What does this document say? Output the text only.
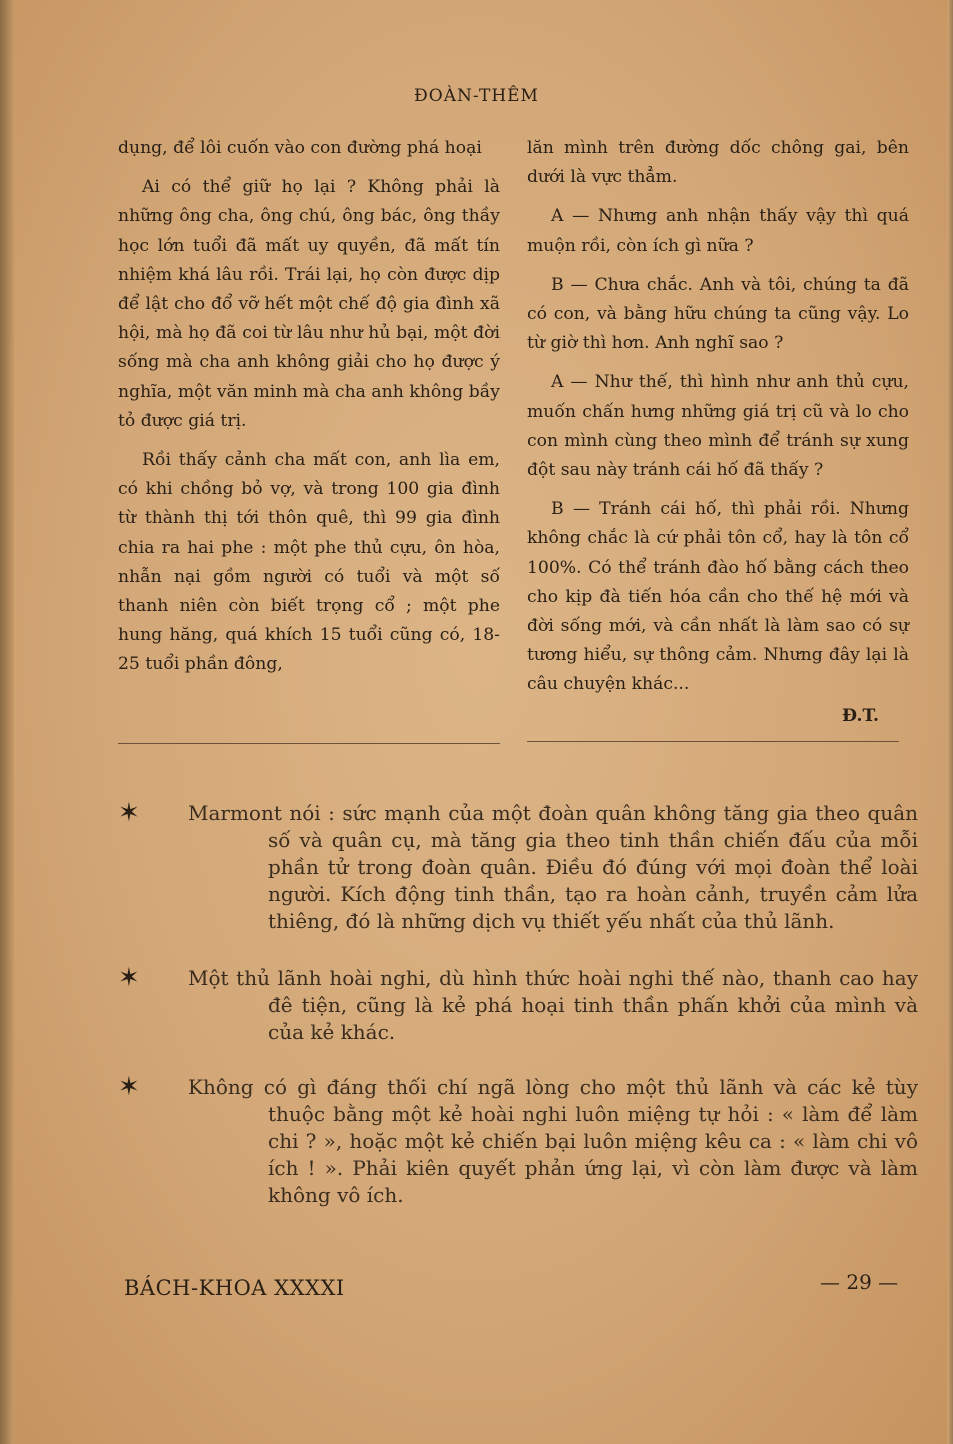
ĐOÀN-THÊM

dụng, để lôi cuốn vào con đường phá hoại

Ai có thể giữ họ lại ? Không phải là những ông cha, ông chú, ông bác, ông thầy học lớn tuổi đã mất uy quyền, đã mất tín nhiệm khá lâu rồi. Trái lại, họ còn được dịp để lật cho đổ vỡ hết một chế độ gia đình xã hội, mà họ đã coi từ lâu như hủ bại, một đời sống mà cha anh không giải cho họ được ý nghĩa, một văn minh mà cha anh không bầy tỏ được giá trị.

Rồi thấy cảnh cha mất con, anh lìa em, có khi chồng bỏ vợ, và trong 100 gia đình từ thành thị tới thôn quê, thì 99 gia đình chia ra hai phe : một phe thủ cựu, ôn hòa, nhẫn nại gồm người có tuổi và một số thanh niên còn biết trọng cổ ; một phe hung hăng, quá khích 15 tuổi cũng có, 18-25 tuổi phần đông,

lăn mình trên đường dốc chông gai, bên dưới là vực thẳm.

A — Nhưng anh nhận thấy vậy thì quá muộn rồi, còn ích gì nữa ?

B — Chưa chắc. Anh và tôi, chúng ta đã có con, và bằng hữu chúng ta cũng vậy. Lo từ giờ thì hơn. Anh nghĩ sao ?

A — Như thế, thì hình như anh thủ cựu, muốn chấn hưng những giá trị cũ và lo cho con mình cùng theo mình để tránh sự xung đột sau này tránh cái hố đã thấy ?

B — Tránh cái hố, thì phải rồi. Nhưng không chắc là cứ phải tôn cổ, hay là tôn cổ 100%. Có thể tránh đào hố bằng cách theo cho kịp đà tiến hóa cần cho thế hệ mới và đời sống mới, và cần nhất là làm sao có sự tương hiểu, sự thông cảm. Nhưng đây lại là câu chuyện khác...

Đ.T.

✶ Marmont nói : sức mạnh của một đoàn quân không tăng gia theo quân số và quân cụ, mà tăng gia theo tinh thần chiến đấu của mỗi phần tử trong đoàn quân. Điều đó đúng với mọi đoàn thể loài người. Kích động tinh thần, tạo ra hoàn cảnh, truyền cảm lửa thiêng, đó là những dịch vụ thiết yếu nhất của thủ lãnh.
✶ Một thủ lãnh hoài nghi, dù hình thức hoài nghi thế nào, thanh cao hay đê tiện, cũng là kẻ phá hoại tinh thần phấn khởi của mình và của kẻ khác.
✶ Không có gì đáng thối chí ngã lòng cho một thủ lãnh và các kẻ tùy thuộc bằng một kẻ hoài nghi luôn miệng tự hỏi : « làm để làm chi ? », hoặc một kẻ chiến bại luôn miệng kêu ca : « làm chi vô ích ! ». Phải kiên quyết phản ứng lại, vì còn làm được và làm không vô ích.
BÁCH-KHOA XXXXI	— 29 —
